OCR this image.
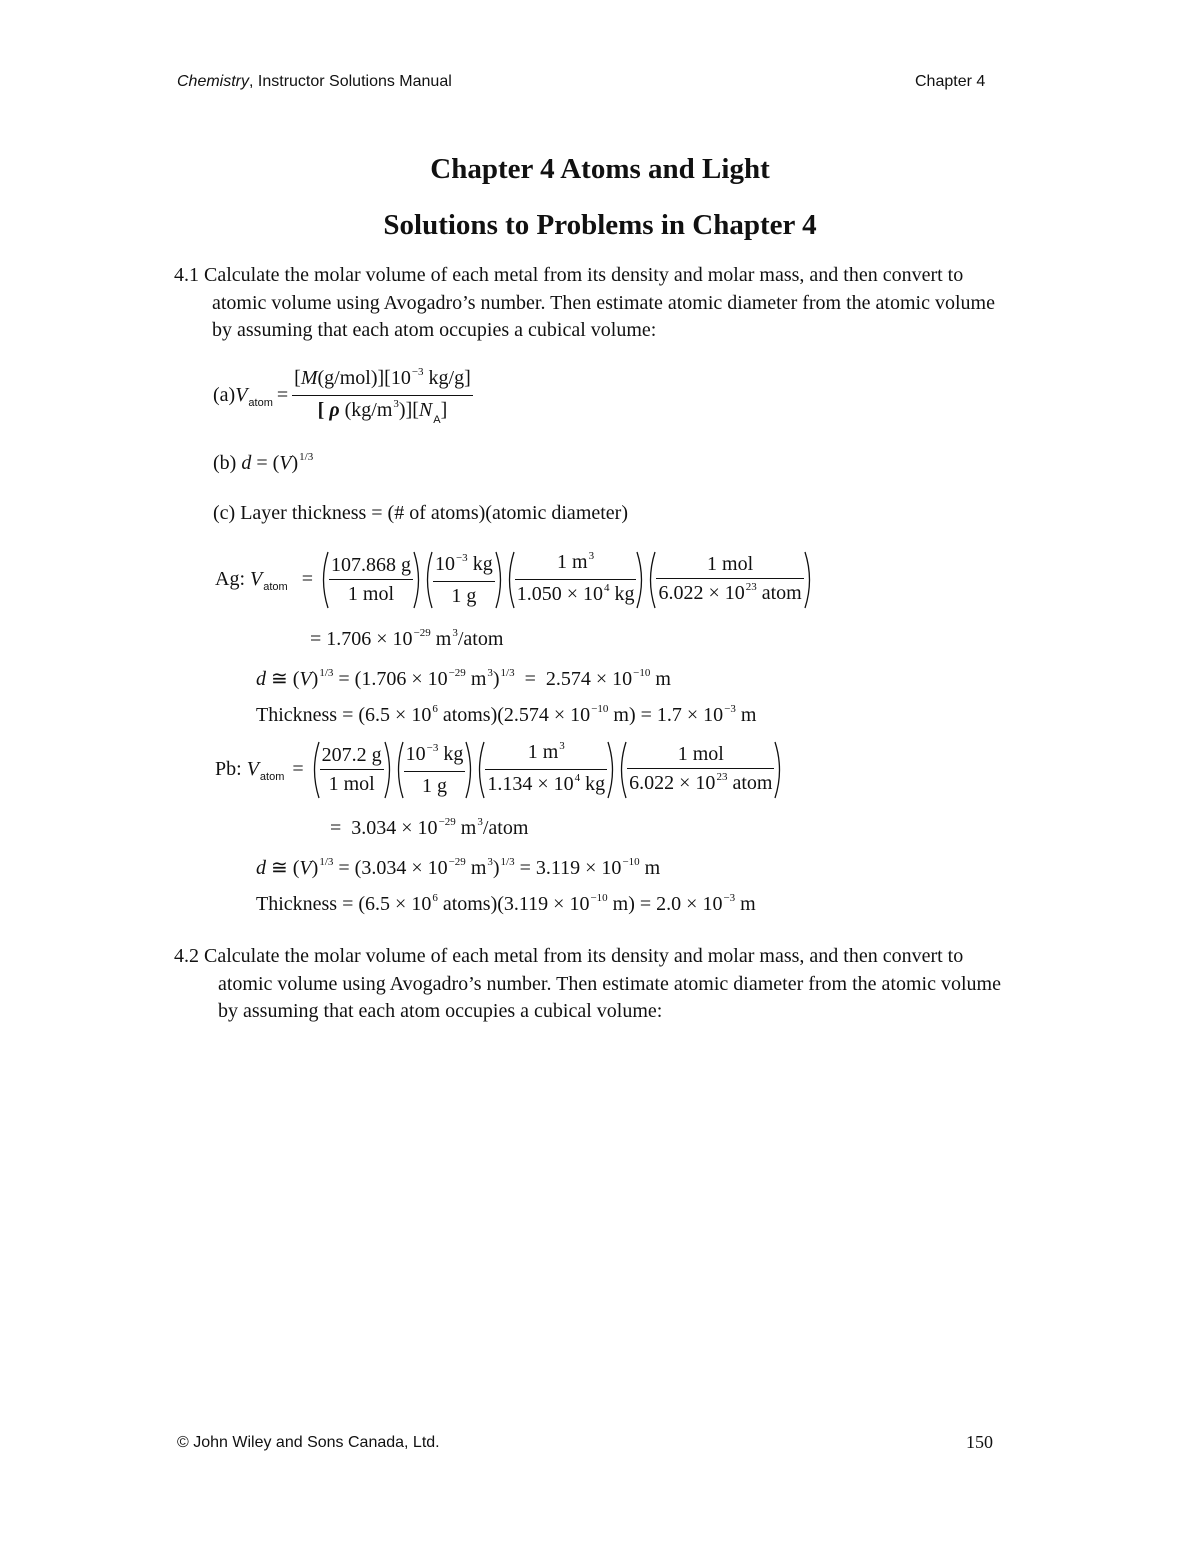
Chemistry, Instructor Solutions Manual	Chapter 4
Chapter 4 Atoms and Light
Solutions to Problems in Chapter 4
4.1 Calculate the molar volume of each metal from its density and molar mass, and then convert to atomic volume using Avogadro’s number. Then estimate atomic diameter from the atomic volume by assuming that each atom occupies a cubical volume:
(a) V atom = $\frac{[M(g/mol)][10^{-3} kg/g]}{[ \rho (kg/m^3)][N_A]}$
(b) $d = (V)^{1/3}$
(c) Layer thickness = (# of atoms)(atomic diameter)
Ag:
V atom = $\frac{107.868 g}{\text{1 mol}} \frac{10^{-3} kg}{1 g} \frac{1 m^3}{1.050 \times 10^4 kg} \frac{\text{1 mol}}{6.022 \times 10^{23} atom}$
= $1.706 \times 10^{-29}$ $m^3$/atom
d ≅ $(V)^{1/3} = (1.706 \times 10^{-29}$ $m^3)^{1/3} = 2.574 \times 10^{-10}$ m
Thickness = ($6.5 \times 10^6$ atoms)(2.574 × $10^{-10}$ $m) = 1.7 \times 10^{-3}$ m
Pb:
V atom = $\frac{207.2 g}{\text{1 mol}} \frac{10^{-3} kg}{1 g} \frac{1 m^3}{1.134 \times 10^4 kg} \frac{\text{1 mol}}{6.022 \times 10^{23} atom}$
=  $3.034 \times 10^{-29}$ $m^3$/atom
d ≅ $(V)^{1/3} = (3.034 \times 10^{-29}$ $m^3)^{1/3} = 3.119 \times 10^{-10}$ m
Thickness = ($6.5 \times 10^6$ atoms)(3.119 × $10^{-10}$ $m) = 2.0 \times 10^{-3}$ m
4.2 Calculate the molar volume of each metal from its density and molar mass, and then convert to atomic volume using Avogadro’s number. Then estimate atomic diameter from the atomic volume by assuming that each atom occupies a cubical volume:
© John Wiley and Sons Canada, Ltd.	150
